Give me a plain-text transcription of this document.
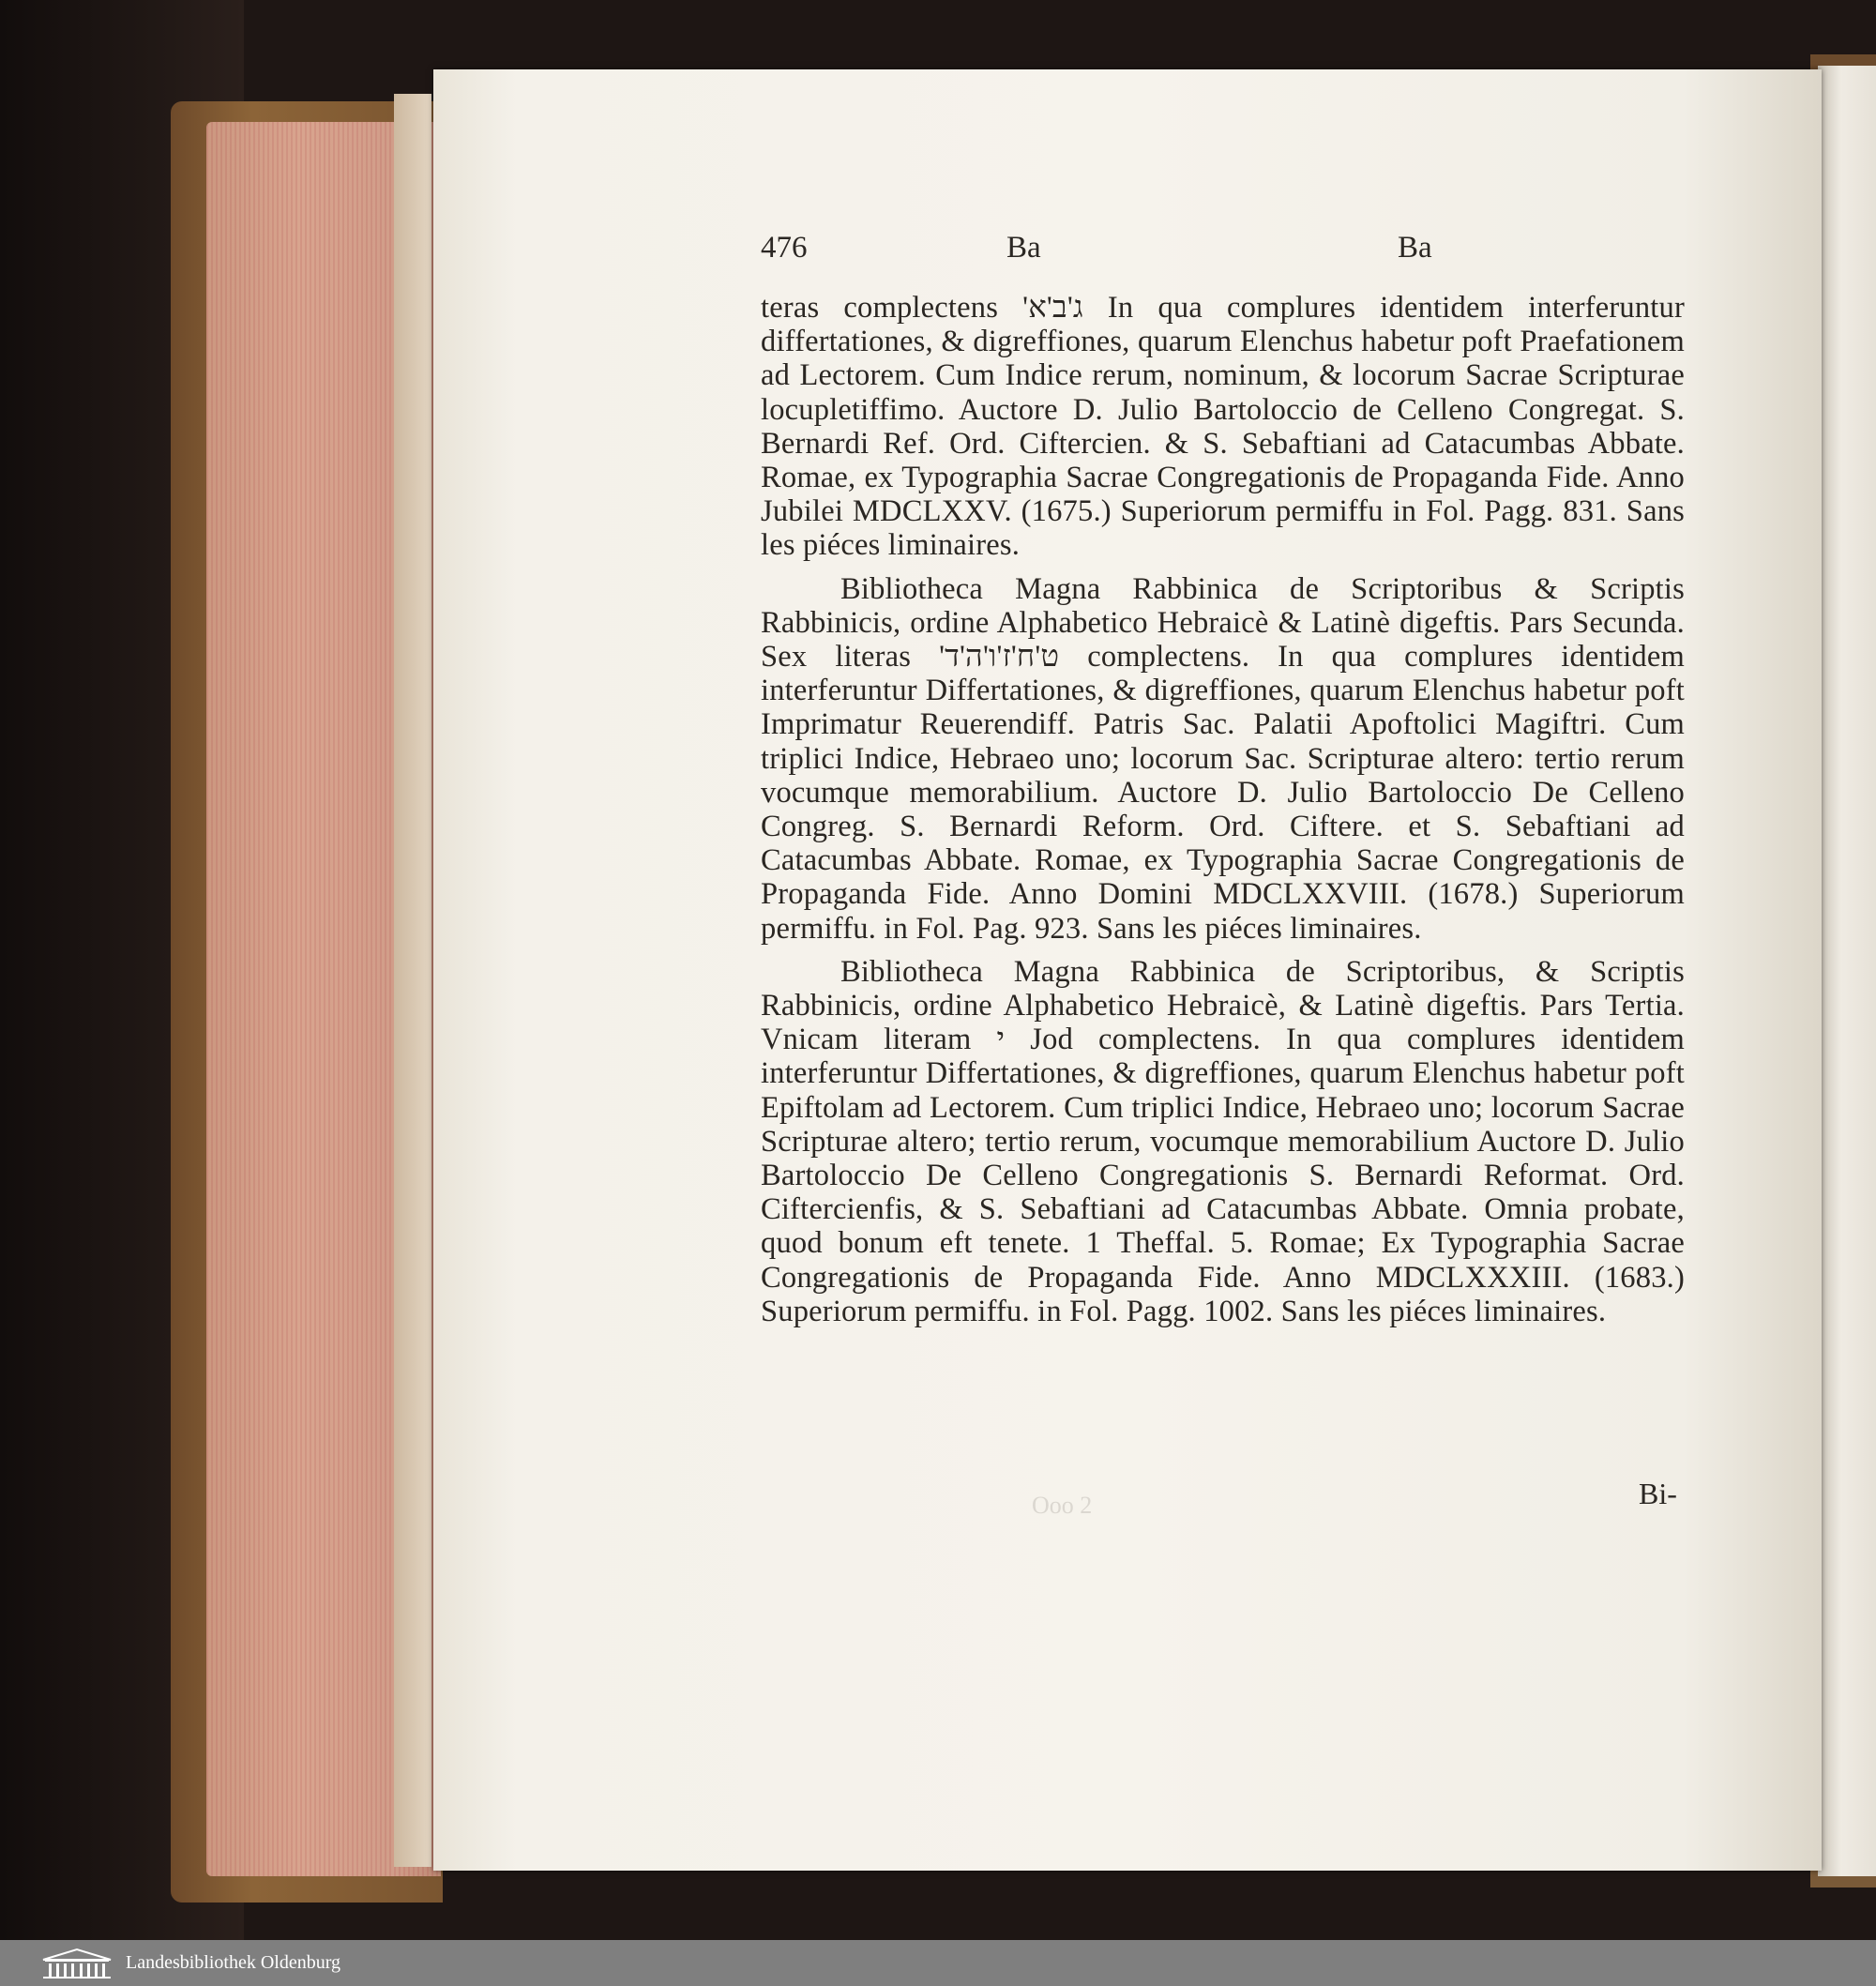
476	Ba	Ba

teras complectens 'ג'ב'א In qua complures identidem interferuntur differtationes, & digreffiones, quarum Elenchus habetur poft Praefationem ad Lectorem. Cum Indice rerum, nominum, & locorum Sacrae Scripturae locupletiffimo. Auctore D. Julio Bartoloccio de Celleno Congregat. S. Bernardi Ref. Ord. Ciftercien. & S. Sebaftiani ad Catacumbas Abbate. Romae, ex Typographia Sacrae Congregationis de Propaganda Fide. Anno Jubilei MDCLXXV. (1675.) Superiorum permiffu in Fol. Pagg. 831. Sans les piéces liminaires.

Bibliotheca Magna Rabbinica de Scriptoribus & Scriptis Rabbinicis, ordine Alphabetico Hebraicè & Latinè digeftis. Pars Secunda. Sex literas 'ט'ח'ז'ו'ה'ד complectens. In qua complures identidem interferuntur Differtationes, & digreffiones, quarum Elenchus habetur poft Imprimatur Reuerendiff. Patris Sac. Palatii Apoftolici Magiftri. Cum triplici Indice, Hebraeo uno; locorum Sac. Scripturae altero: tertio rerum vocumque memorabilium. Auctore D. Julio Bartoloccio De Celleno Congreg. S. Bernardi Reform. Ord. Ciftere. et S. Sebaftiani ad Catacumbas Abbate. Romae, ex Typographia Sacrae Congregationis de Propaganda Fide. Anno Domini MDCLXXVIII. (1678.) Superiorum permiffu. in Fol. Pag. 923. Sans les piéces liminaires.

Bibliotheca Magna Rabbinica de Scriptoribus, & Scriptis Rabbinicis, ordine Alphabetico Hebraicè, & Latinè digeftis. Pars Tertia. Vnicam literam י Jod complectens. In qua complures identidem interferuntur Differtationes, & digreffiones, quarum Elenchus habetur poft Epiftolam ad Lectorem. Cum triplici Indice, Hebraeo uno; locorum Sacrae Scripturae altero; tertio rerum, vocumque memorabilium Auctore D. Julio Bartoloccio De Celleno Congregationis S. Bernardi Reformat. Ord. Ciftercienfis, & S. Sebaftiani ad Catacumbas Abbate. Omnia probate, quod bonum eft tenete. 1 Theffal. 5. Romae; Ex Typographia Sacrae Congregationis de Propaganda Fide. Anno MDCLXXXIII. (1683.) Superiorum permiffu. in Fol. Pagg. 1002. Sans les piéces liminaires.

Ooo 2	Bi-
Landesbibliothek Oldenburg
